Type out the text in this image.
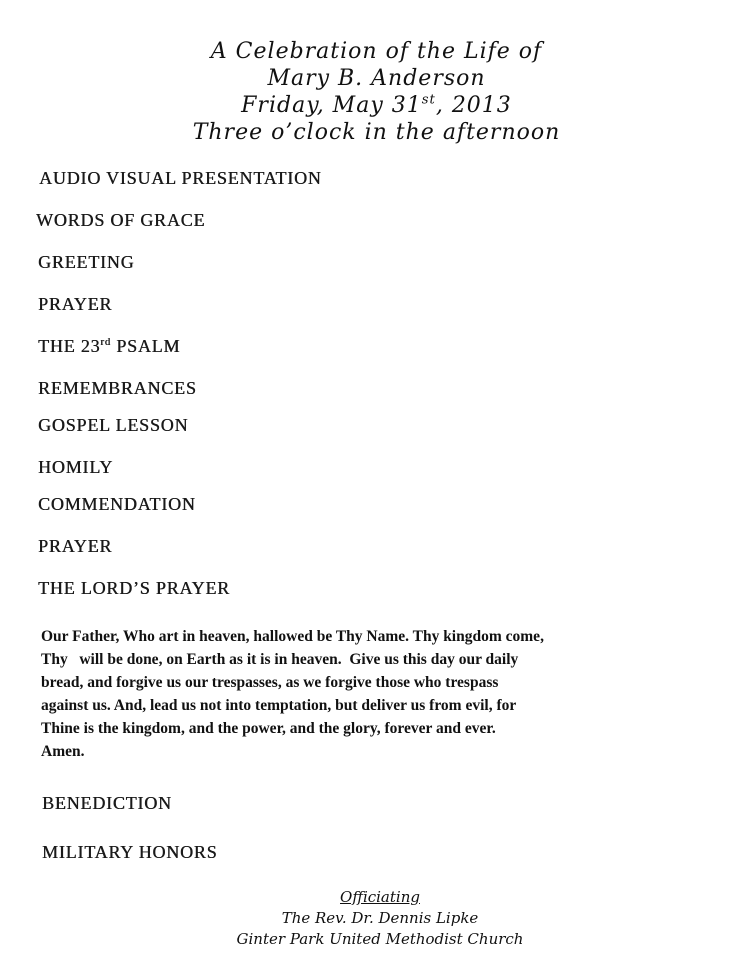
A Celebration of the Life of
Mary B. Anderson
Friday, May 31st, 2013
Three o’clock in the afternoon
AUDIO VISUAL PRESENTATION
WORDS OF GRACE
GREETING
PRAYER
THE 23rd PSALM
REMEMBRANCES
GOSPEL LESSON
HOMILY
COMMENDATION
PRAYER
THE LORD’S PRAYER
Our Father, Who art in heaven, hallowed be Thy Name. Thy kingdom come,
Thy   will be done, on Earth as it is in heaven.  Give us this day our daily
bread, and forgive us our trespasses, as we forgive those who trespass
against us. And, lead us not into temptation, but deliver us from evil, for
Thine is the kingdom, and the power, and the glory, forever and ever.
Amen.
BENEDICTION
MILITARY HONORS
Officiating
The Rev. Dr. Dennis Lipke
Ginter Park United Methodist Church
